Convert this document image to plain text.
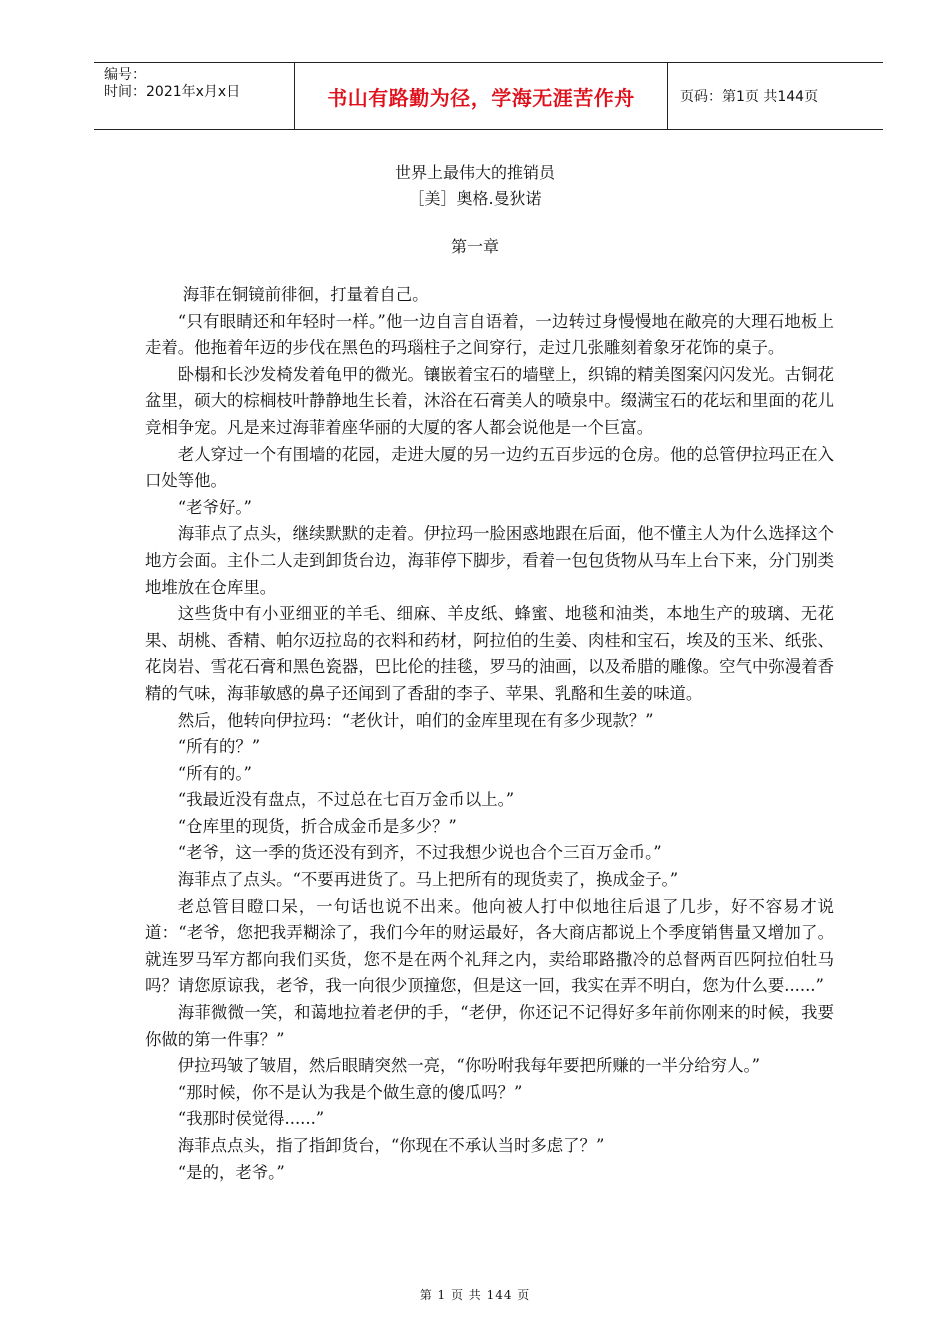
编号：
时间：2021年x月x日	书山有路勤为径，学海无涯苦作舟	页码：第1页 共144页
世界上最伟大的推销员
［美］奥格.曼狄诺
第一章

海菲在铜镜前徘徊，打量着自己。

“只有眼睛还和年轻时一样。”他一边自言自语着，一边转过身慢慢地在敞亮的大理石地板上走着。他拖着年迈的步伐在黑色的玛瑙柱子之间穿行，走过几张雕刻着象牙花饰的桌子。

卧榻和长沙发椅发着龟甲的微光。镶嵌着宝石的墙壁上，织锦的精美图案闪闪发光。古铜花盆里，硕大的棕榈枝叶静静地生长着，沐浴在石膏美人的喷泉中。缀满宝石的花坛和里面的花儿竞相争宠。凡是来过海菲着座华丽的大厦的客人都会说他是一个巨富。

老人穿过一个有围墙的花园，走进大厦的另一边约五百步远的仓房。他的总管伊拉玛正在入口处等他。

“老爷好。”

海菲点了点头，继续默默的走着。伊拉玛一脸困惑地跟在后面，他不懂主人为什么选择这个地方会面。主仆二人走到卸货台边，海菲停下脚步，看着一包包货物从马车上台下来，分门别类地堆放在仓库里。

这些货中有小亚细亚的羊毛、细麻、羊皮纸、蜂蜜、地毯和油类，本地生产的玻璃、无花果、胡桃、香精、帕尔迈拉岛的衣料和药材，阿拉伯的生姜、肉桂和宝石，埃及的玉米、纸张、花岗岩、雪花石膏和黑色瓷器，巴比伦的挂毯，罗马的油画，以及希腊的雕像。空气中弥漫着香精的气味，海菲敏感的鼻子还闻到了香甜的李子、苹果、乳酪和生姜的味道。

然后，他转向伊拉玛：“老伙计，咱们的金库里现在有多少现款？”

“所有的？”

“所有的。”

“我最近没有盘点，不过总在七百万金币以上。”

“仓库里的现货，折合成金币是多少？”

“老爷，这一季的货还没有到齐，不过我想少说也合个三百万金币。”

海菲点了点头。“不要再进货了。马上把所有的现货卖了，换成金子。”

老总管目瞪口呆，一句话也说不出来。他向被人打中似地往后退了几步，好不容易才说道：“老爷，您把我弄糊涂了，我们今年的财运最好，各大商店都说上个季度销售量又增加了。就连罗马军方都向我们买货，您不是在两个礼拜之内，卖给耶路撒冷的总督两百匹阿拉伯牡马吗？请您原谅我，老爷，我一向很少顶撞您，但是这一回，我实在弄不明白，您为什么要......”

海菲微微一笑，和蔼地拉着老伊的手，“老伊，你还记不记得好多年前你刚来的时候，我要你做的第一件事？”

伊拉玛皱了皱眉，然后眼睛突然一亮，“你吩咐我每年要把所赚的一半分给穷人。”

“那时候，你不是认为我是个做生意的傻瓜吗？”

“我那时侯觉得......”

海菲点点头，指了指卸货台，“你现在不承认当时多虑了？”

“是的，老爷。”

第 1 页 共 144 页
